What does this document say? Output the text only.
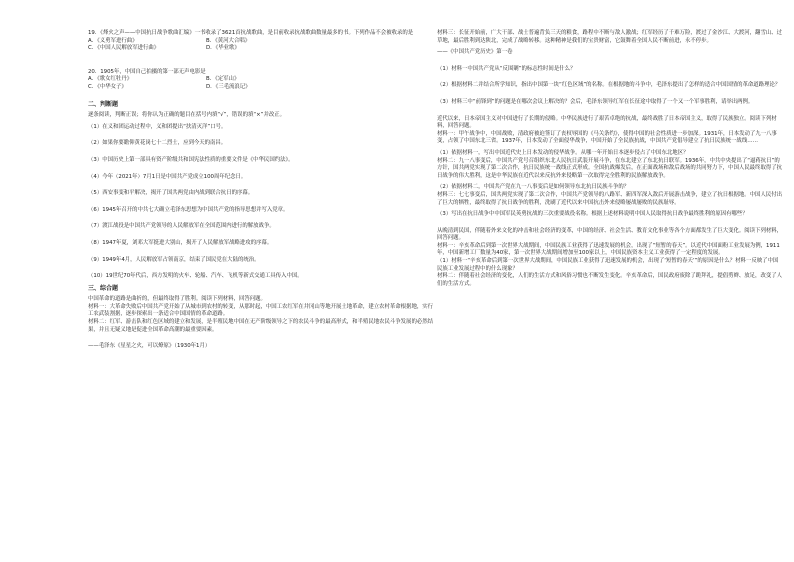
19．《烽火之声——中国抗日战争歌曲汇编》一书收录了3621首抗战歌曲，是目前收录抗战歌曲数量最多的书。下列作品不会被收录的是

A．《义勇军进行曲》	B．《黄河大合唱》
C．《中国人民解放军进行曲》	D．《毕业歌》

20．1905年，中国自己拍摄的第一部无声电影是

A．《歌女红牡丹》	B．《定军山》
C．《中华女子》	D．《三毛流浪记》

二、判断题

逐条阅读，判断正误；将你认为正确的题目在括号内填“√”，错误的填“×”并改正。

（1）在义和团运动过程中，义和团提出“扶清灭洋”口号。

（2）如果你要瞻仰黄花岗七十二烈士，应到今天的南昌。

（3）中国历史上第一部具有资产阶级共和国宪法性质的重要文件是《中华民国约法》。

（4）今年（2021年）7月1日是中国共产党成立100周年纪念日。

（5）西安事变和平解决，揭开了国共两党由内战到联合抗日的序幕。

（6）1945年召开的中共七大确立毛泽东思想为中国共产党的指导思想并写入党章。

（7）渡江战役是中国共产党领导的人民解放军在全国范围内进行的解放战争。

（8）1947年夏，刘邓大军挺进大别山，揭开了人民解放军战略进攻的序幕。

（9）1949年4月，人民解放军占领南京，结束了国民党在大陆的统治。

（10）19世纪70年代后，西方发明的火车、轮船、汽车、飞机等新式交通工具传入中国。

三、综合题

中国革命的道路是曲折的，但最终取得了胜利。阅读下列材料，回答问题。

材料一：大革命失败后中国共产党开始了从城市到农村的转变，从那时起，中国工农红军在井冈山等地开展土地革命，建立农村革命根据地，实行工农武装割据，逐步探索出一条适合中国国情的革命道路。

材料二：红军、游击队和红色区域的建立和发展，是半殖民地中国在无产阶级领导之下的农民斗争的最高形式，和半殖民地农民斗争发展的必然结果，并且无疑义地是促进全国革命高潮的最重要因素。

——毛泽东《星星之火，可以燎原》（1930年1月）

材料三：长征开始前，广大干部、战士普遍背负三天的粮食，路程中不断与敌人激战；红军经历了千难万险，渡过了金沙江、大渡河，翻雪山、过草地，最后胜利到达陕北，完成了战略转移。这种精神是我们的宝贵财富，它鼓舞着全国人民不断前进，永不停步。

——《中国共产党历史》第一卷

（1）材料一中国共产党从“反围剿”的标志性时间是什么？

（2）根据材料二并结合所学知识，指出中国第一块“红色区域”的名称。在根据地的斗争中，毛泽东提出了怎样的适合中国国情的革命道路理论？

（3）材料三中“前锋到”的问题是在哪次会议上解决的？会后，毛泽东领导红军在长征途中取得了一个又一个军事胜利，请举出两例。

近代以来，日本帝国主义对中国进行了长期的侵略。中华民族进行了艰苦卓绝的抗战，最终战胜了日本帝国主义，取得了民族独立。阅读下列材料，回答问题。

材料一：甲午战争中，中国战败，清政府被迫签订了丧权辱国的《马关条约》，使得中国的社会性质进一步加深。1931年，日本发动了九一八事变，占领了中国东北三省。1937年，日本发动了全面侵华战争，中国开始了全民族抗战，中国共产党倡导建立了抗日民族统一战线……

（1）依据材料一，写出中国近代史上日本发动的侵华战争。从哪一年开始日本逐步侵占了中国东北地区？

材料二：九一八事变后，中国共产党号召组织东北人民抗日武装开展斗争，在东北建立了东北抗日联军。1936年，中共中央提出了“逼蒋抗日”的方针，国共两党实现了第二次合作，抗日民族统一战线正式形成。全国抗战爆发后，在正面战场和敌后战场的共同努力下，中国人民最终取得了抗日战争的伟大胜利，这是中华民族在近代以来反抗外来侵略第一次取得完全胜利的民族解放战争。

（2）依据材料二，中国共产党在九一八事变后是如何领导东北抗日民族斗争的？

材料三：七七事变后，国共两党实现了第二次合作，中国共产党领导的八路军、新四军深入敌后开展游击战争，建立了抗日根据地。中国人民付出了巨大的牺牲，最终取得了抗日战争的胜利，洗刷了近代以来中国抗击外来侵略屡战屡败的民族耻辱。

（3）写出在抗日战争中中国军民英勇抗战的三次重要战役名称。根据上述材料说明中国人民取得抗日战争最终胜利的原因有哪些？

从晚清到民国，伴随着外来文化的冲击和社会经济的变革，中国的经济、社会生活、教育文化事业等各个方面都发生了巨大变化。阅读下列材料，回答问题。

材料一：辛亥革命后到第一次世界大战期间，中国民族工业获得了迅速发展的机会，出现了“短暂的春天”。以近代中国面粉工业发展为例，1911年，中国新增工厂数量为40家，第一次世界大战期间增加至100家以上，中国民族资本主义工业获得了一定程度的发展。

（1）材料一“辛亥革命后到第一次世界大战期间，中国民族工业获得了迅速发展的机会，出现了‘短暂的春天’”的原因是什么？材料一反映了中国民族工业发展过程中的什么现象？

材料二：伴随着社会经济的变化，人们的生活方式和风俗习惯也不断发生变化。辛亥革命后，国民政府废除了跪拜礼，提倡剪辫、放足，改变了人们的生活方式。
